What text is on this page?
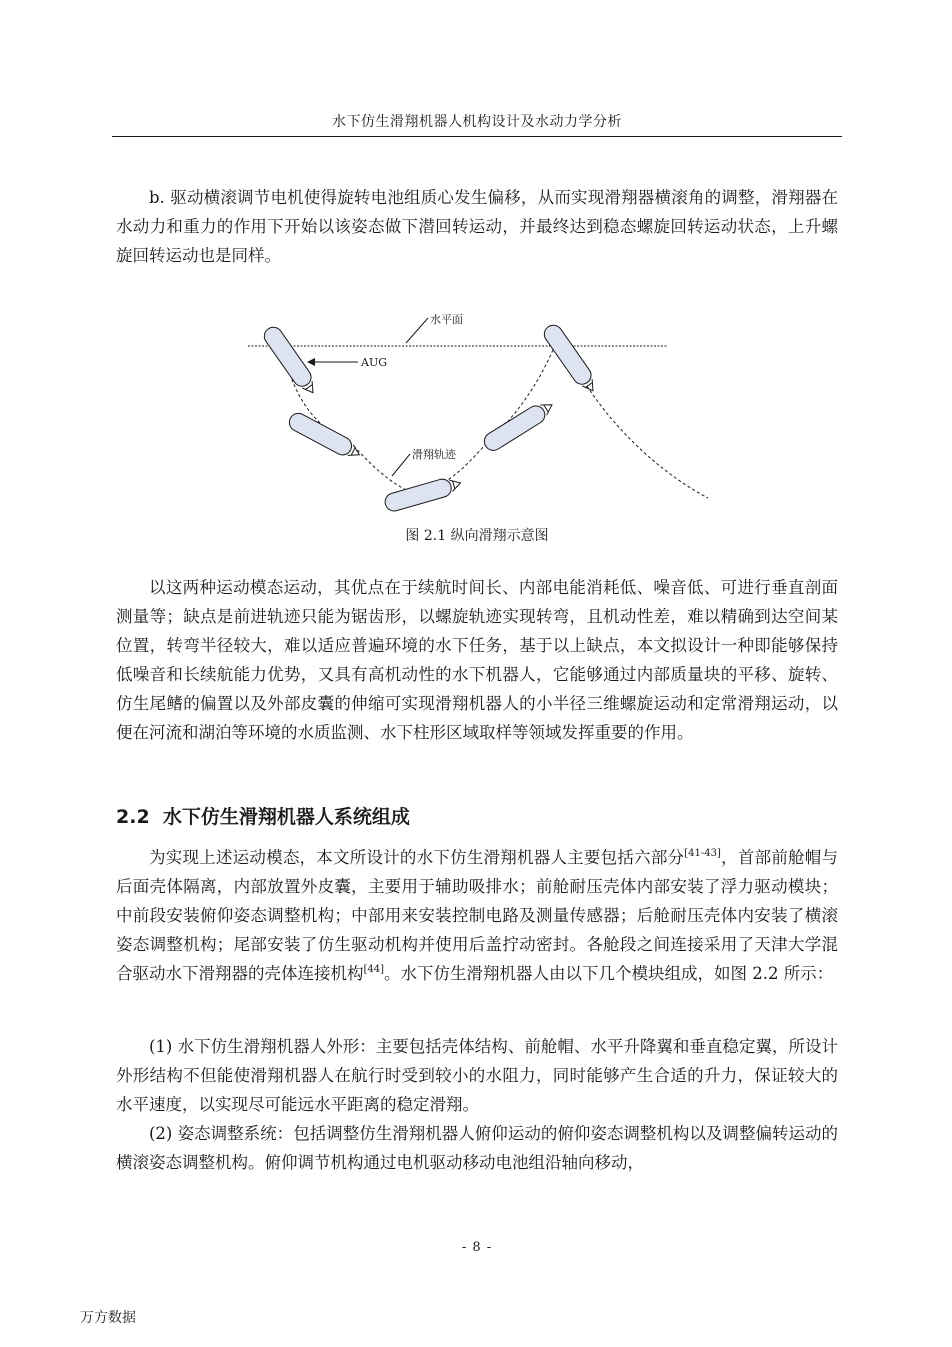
水下仿生滑翔机器人机构设计及水动力学分析

b. 驱动横滚调节电机使得旋转电池组质心发生偏移，从而实现滑翔器横滚角的调整，滑翔器在水动力和重力的作用下开始以该姿态做下潜回转运动，并最终达到稳态螺旋回转运动状态，上升螺旋回转运动也是同样。

水平面
AUG
滑翔轨迹
图 2.1 纵向滑翔示意图

以这两种运动模态运动，其优点在于续航时间长、内部电能消耗低、噪音低、可进行垂直剖面测量等；缺点是前进轨迹只能为锯齿形，以螺旋轨迹实现转弯，且机动性差，难以精确到达空间某位置，转弯半径较大，难以适应普遍环境的水下任务，基于以上缺点，本文拟设计一种即能够保持低噪音和长续航能力优势，又具有高机动性的水下机器人，它能够通过内部质量块的平移、旋转、仿生尾鳍的偏置以及外部皮囊的伸缩可实现滑翔机器人的小半径三维螺旋运动和定常滑翔运动，以便在河流和湖泊等环境的水质监测、水下柱形区域取样等领域发挥重要的作用。

2.2 水下仿生滑翔机器人系统组成

为实现上述运动模态，本文所设计的水下仿生滑翔机器人主要包括六部分[41-43]，首部前舱帽与后面壳体隔离，内部放置外皮囊，主要用于辅助吸排水；前舱耐压壳体内部安装了浮力驱动模块；中前段安装俯仰姿态调整机构；中部用来安装控制电路及测量传感器；后舱耐压壳体内安装了横滚姿态调整机构；尾部安装了仿生驱动机构并使用后盖拧动密封。各舱段之间连接采用了天津大学混合驱动水下滑翔器的壳体连接机构[44]。水下仿生滑翔机器人由以下几个模块组成，如图 2.2 所示：

(1) 水下仿生滑翔机器人外形：主要包括壳体结构、前舱帽、水平升降翼和垂直稳定翼，所设计外形结构不但能使滑翔机器人在航行时受到较小的水阻力，同时能够产生合适的升力，保证较大的水平速度，以实现尽可能远水平距离的稳定滑翔。

(2) 姿态调整系统：包括调整仿生滑翔机器人俯仰运动的俯仰姿态调整机构以及调整偏转运动的横滚姿态调整机构。俯仰调节机构通过电机驱动移动电池组沿轴向移动，

- 8 -
万方数据
